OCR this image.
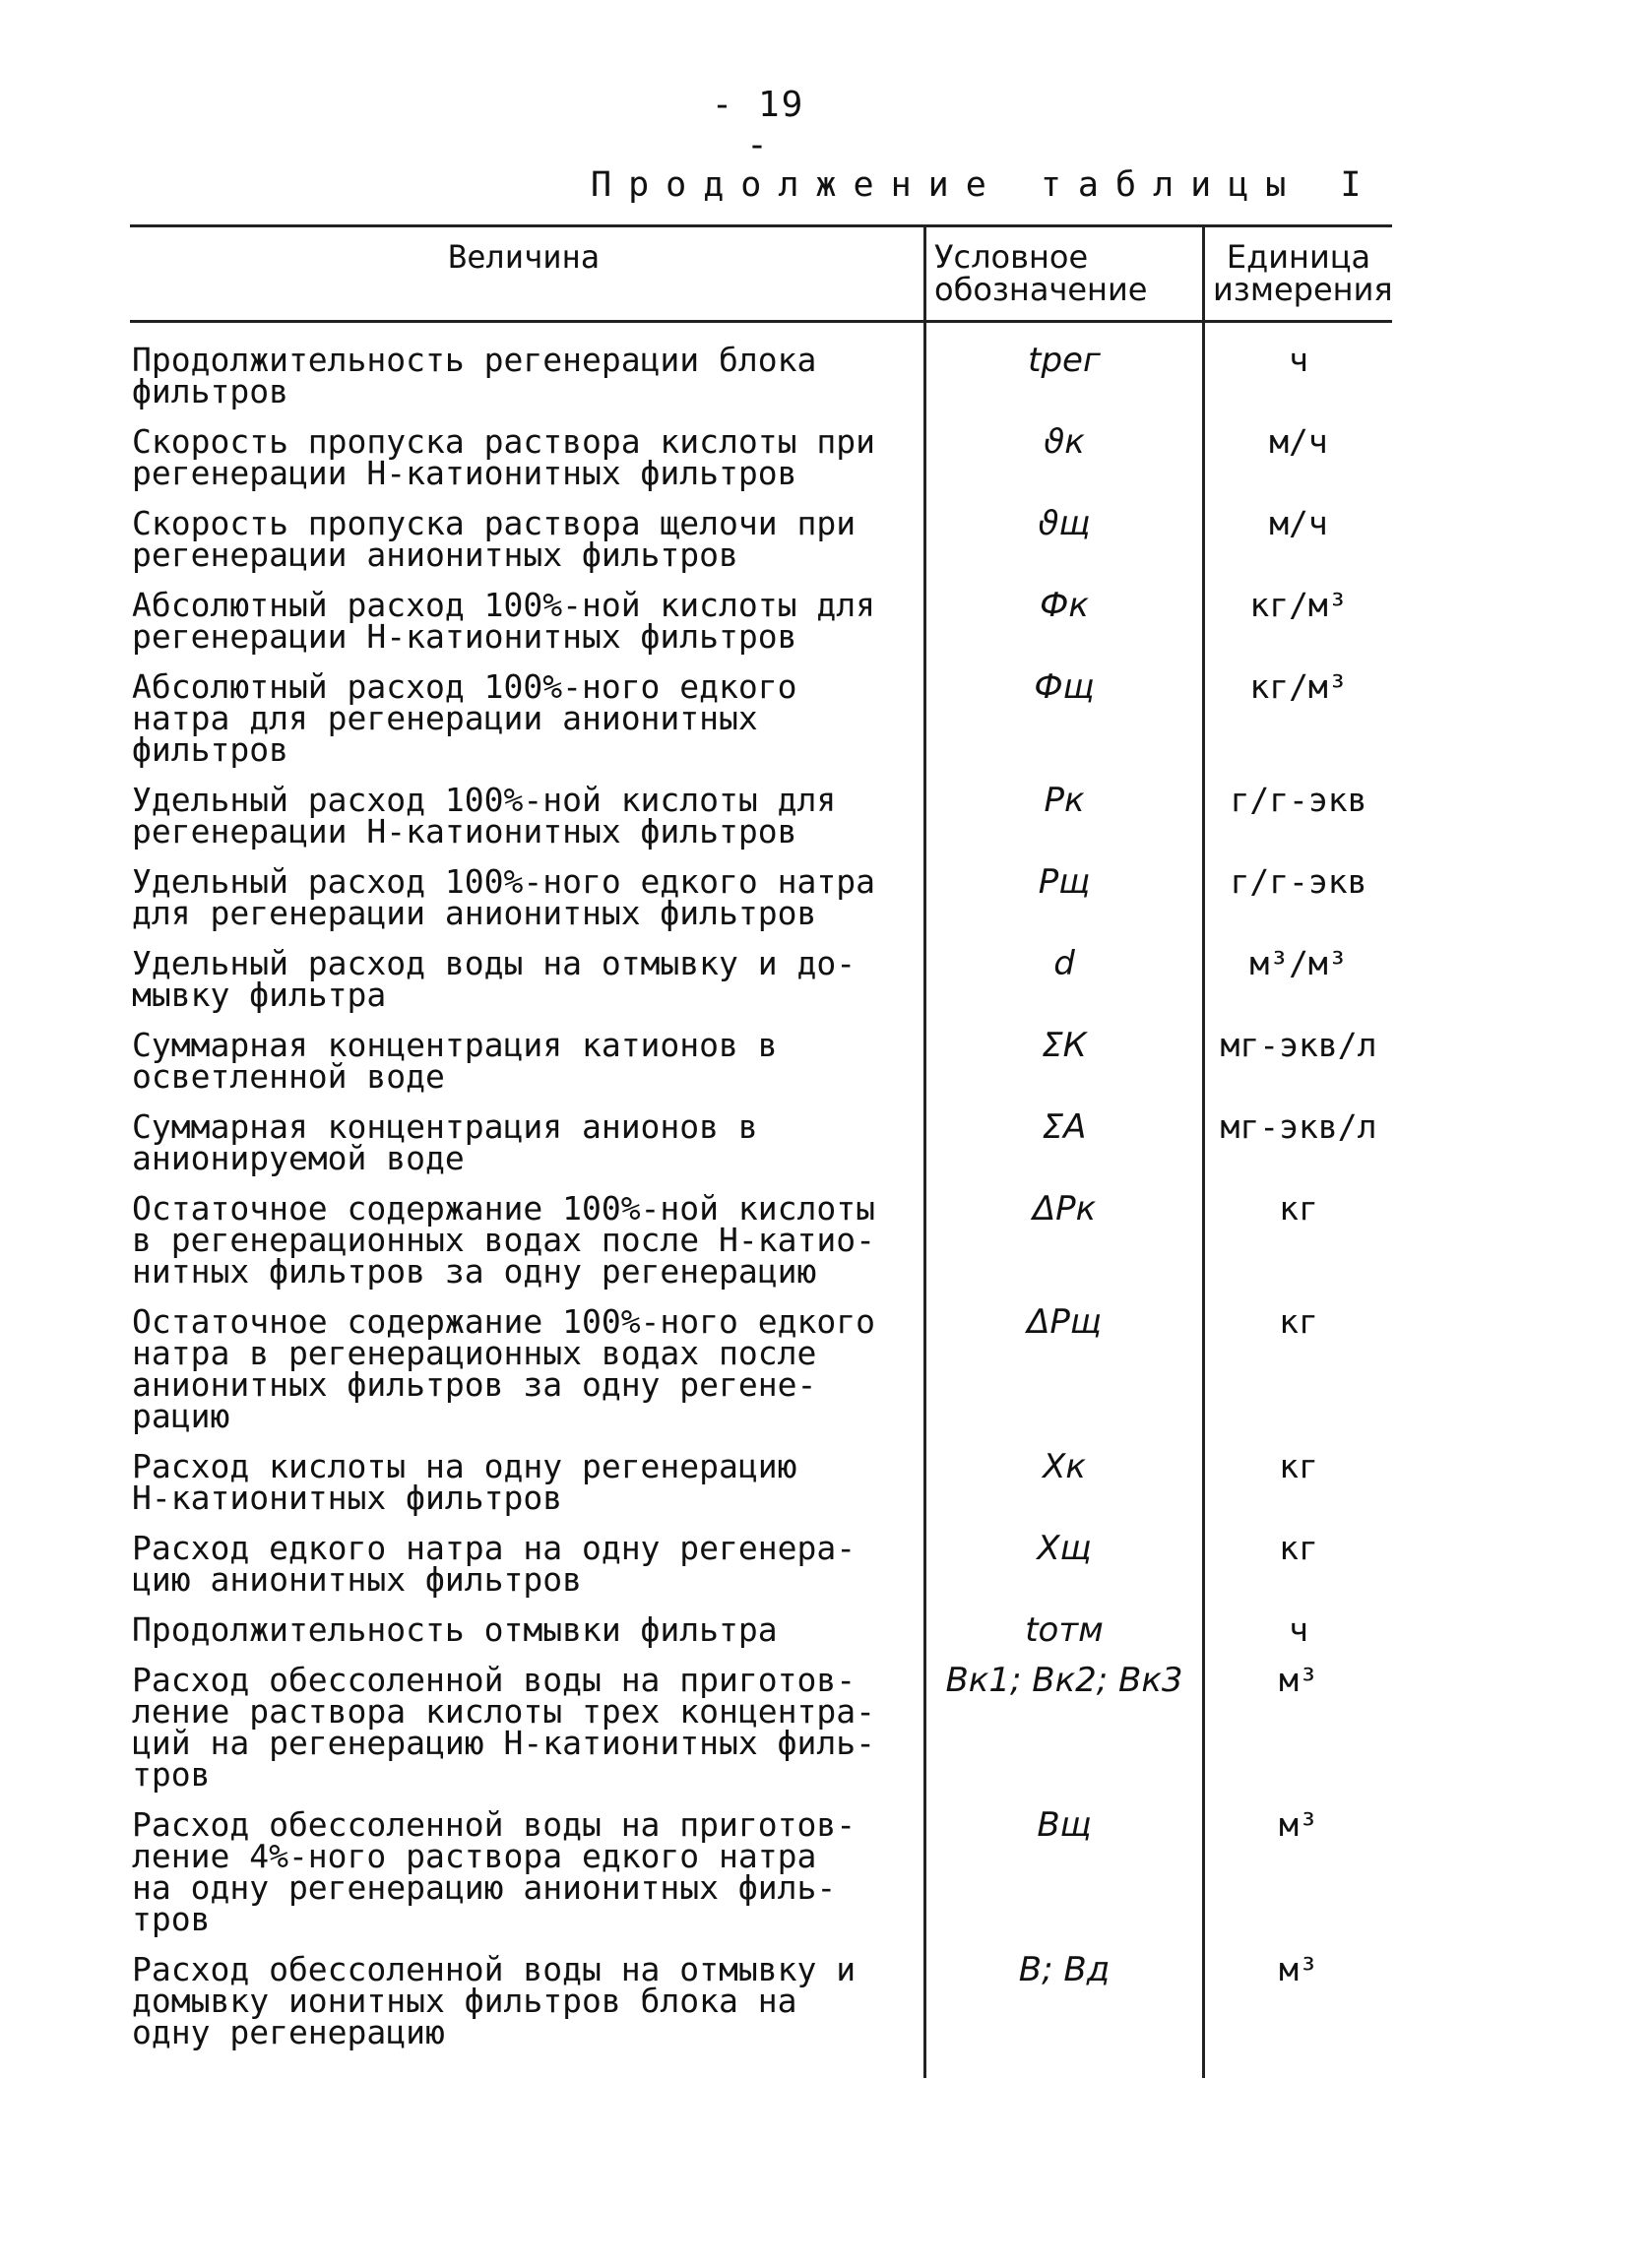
- 19 -
Продолжение таблицы I
Величина	Условное обозначение	Единица измерения
Продолжительность регенерации блока
фильтров	tрег	ч
Скорость пропуска раствора кислоты при
регенерации Н-катионитных фильтров	ϑк	м/ч
Скорость пропуска раствора щелочи при
регенерации анионитных фильтров	ϑщ	м/ч
Абсолютный расход 100%-ной кислоты для
регенерации Н-катионитных фильтров	Фк	кг/м³
Абсолютный расход 100%-ного едкого
натра для регенерации анионитных фильтров	Фщ	кг/м³
Удельный расход 100%-ной кислоты для
регенерации Н-катионитных фильтров	Рк	г/г-экв
Удельный расход 100%-ного едкого натра
для регенерации анионитных фильтров	Рщ	г/г-экв
Удельный расход воды на отмывку и до-
мывку фильтра	d	м³/м³
Суммарная концентрация катионов в
осветленной воде	ΣК	мг-экв/л
Суммарная концентрация анионов в
анионируемой воде	ΣА	мг-экв/л
Остаточное содержание 100%-ной кислоты
в регенерационных водах после Н-катио-
нитных фильтров за одну регенерацию	ΔРк	кг
Остаточное содержание 100%-ного едкого
натра в регенерационных водах после
анионитных фильтров за одну регене-
рацию	ΔРщ	кг
Расход кислоты на одну регенерацию
Н-катионитных фильтров	Хк	кг
Расход едкого натра на одну регенера-
цию анионитных фильтров	Хщ	кг
Продолжительность отмывки фильтра	tотм	ч
Расход обессоленной воды на приготов-
ление раствора кислоты трех концентра-
ций на регенерацию Н-катионитных филь-
тров	Вк1; Вк2; Вк3	м³
Расход обессоленной воды на приготов-
ление 4%-ного раствора едкого натра
на одну регенерацию анионитных филь-
тров	Вщ	м³
Расход обессоленной воды на отмывку и
домывку ионитных фильтров блока на
одну регенерацию	В; Вд	м³
